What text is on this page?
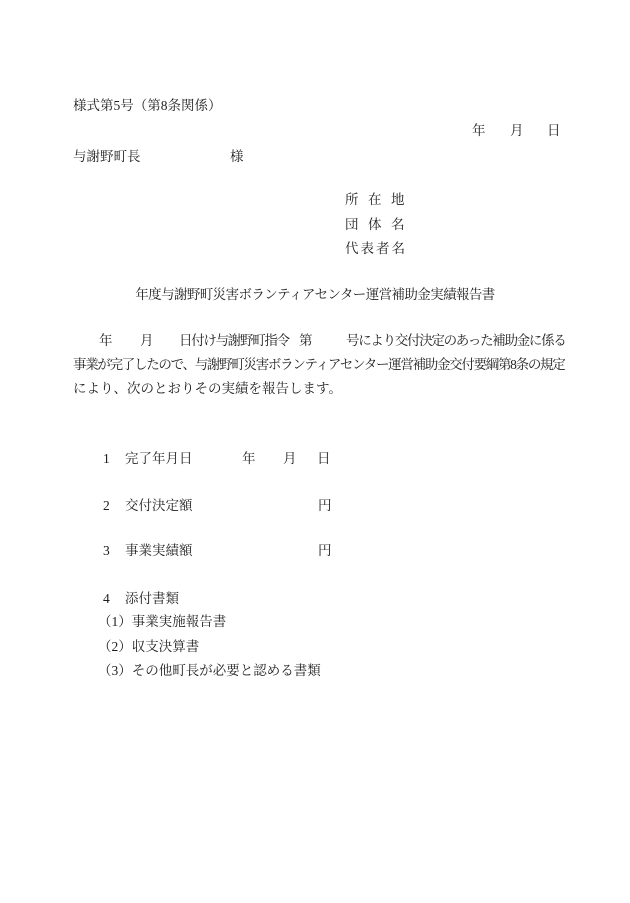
様式第5号（第8条関係）
年 月 日
与謝野町長	様
所在地
団体名
代表者名
年度与謝野町災害ボランティアセンター運営補助金実績報告書
年 月 日付け与謝野町指令 第 号により交付決定のあった補助金に係る
事業が完了したので、与謝野町災害ボランティアセンター運営補助金交付要綱第8条の規定
により、次のとおりその実績を報告します。
1 完了年月日	年 月 日
2 交付決定額	円
3 事業実績額	円
4 添付書類
（1）事業実施報告書
（2）収支決算書
（3）その他町長が必要と認める書類
